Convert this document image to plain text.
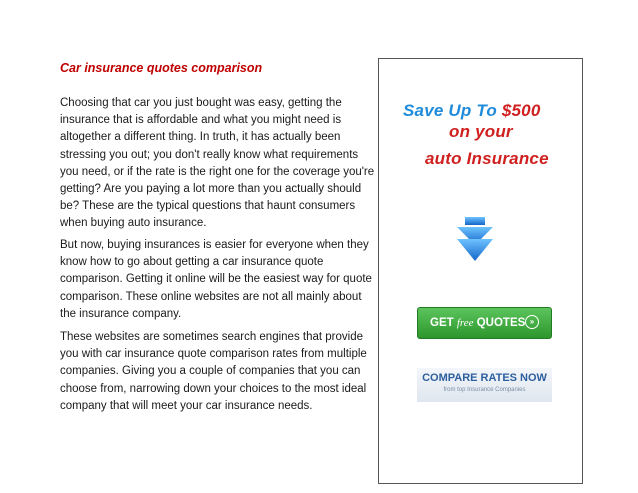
Car insurance quotes comparison

Choosing that car you just bought was easy, getting the insurance that is affordable and what you might need is altogether a different thing. In truth, it has actually been stressing you out; you don't really know what requirements you need, or if the rate is the right one for the coverage you're getting? Are you paying a lot more than you actually should be? These are the typical questions that haunt consumers when buying auto insurance.

But now, buying insurances is easier for everyone when they know how to go about getting a car insurance quote comparison. Getting it online will be the easiest way for quote comparison. These online websites are not all mainly about the insurance company.

These websites are sometimes search engines that provide you with car insurance quote comparison rates from multiple companies. Giving you a couple of companies that you can choose from, narrowing down your choices to the most ideal company that will meet your car insurance needs.

Save Up To $500
on your
auto Insurance
GET free QUOTES »
COMPARE RATES NOW
from top Insurance Companies
